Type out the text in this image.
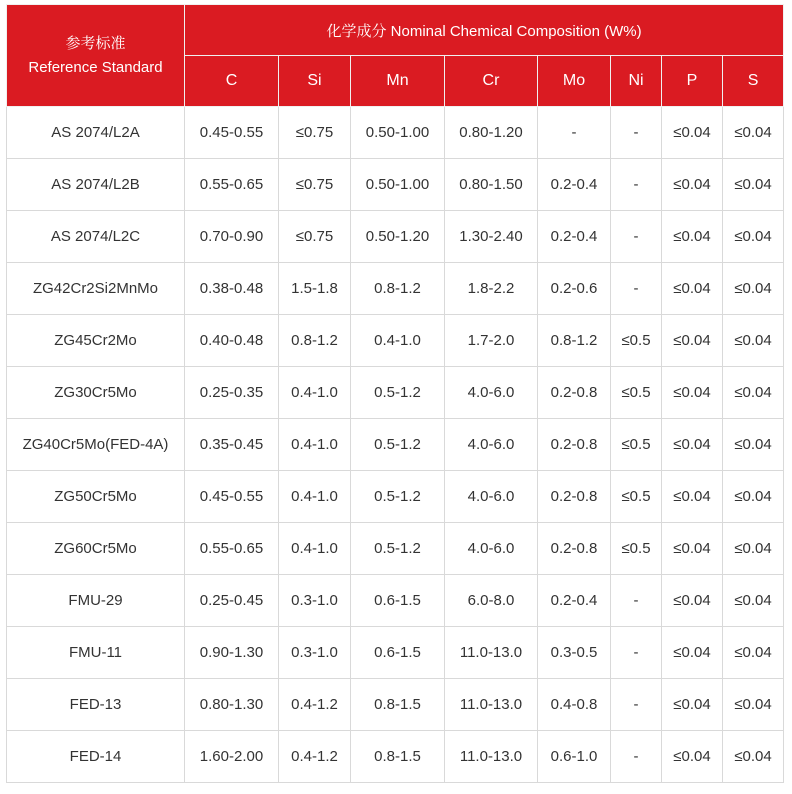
参考标准
Reference Standard	化学成分 Nominal Chemical Composition (W%)							
	C	Si	Mn	Cr	Mo	Ni	P	S
AS 2074/L2A	0.45-0.55	≤0.75	0.50-1.00	0.80-1.20	-	-	≤0.04	≤0.04
AS 2074/L2B	0.55-0.65	≤0.75	0.50-1.00	0.80-1.50	0.2-0.4	-	≤0.04	≤0.04
AS 2074/L2C	0.70-0.90	≤0.75	0.50-1.20	1.30-2.40	0.2-0.4	-	≤0.04	≤0.04
ZG42Cr2Si2MnMo	0.38-0.48	1.5-1.8	0.8-1.2	1.8-2.2	0.2-0.6	-	≤0.04	≤0.04
ZG45Cr2Mo	0.40-0.48	0.8-1.2	0.4-1.0	1.7-2.0	0.8-1.2	≤0.5	≤0.04	≤0.04
ZG30Cr5Mo	0.25-0.35	0.4-1.0	0.5-1.2	4.0-6.0	0.2-0.8	≤0.5	≤0.04	≤0.04
ZG40Cr5Mo(FED-4A)	0.35-0.45	0.4-1.0	0.5-1.2	4.0-6.0	0.2-0.8	≤0.5	≤0.04	≤0.04
ZG50Cr5Mo	0.45-0.55	0.4-1.0	0.5-1.2	4.0-6.0	0.2-0.8	≤0.5	≤0.04	≤0.04
ZG60Cr5Mo	0.55-0.65	0.4-1.0	0.5-1.2	4.0-6.0	0.2-0.8	≤0.5	≤0.04	≤0.04
FMU-29	0.25-0.45	0.3-1.0	0.6-1.5	6.0-8.0	0.2-0.4	-	≤0.04	≤0.04
FMU-11	0.90-1.30	0.3-1.0	0.6-1.5	11.0-13.0	0.3-0.5	-	≤0.04	≤0.04
FED-13	0.80-1.30	0.4-1.2	0.8-1.5	11.0-13.0	0.4-0.8	-	≤0.04	≤0.04
FED-14	1.60-2.00	0.4-1.2	0.8-1.5	11.0-13.0	0.6-1.0	-	≤0.04	≤0.04
